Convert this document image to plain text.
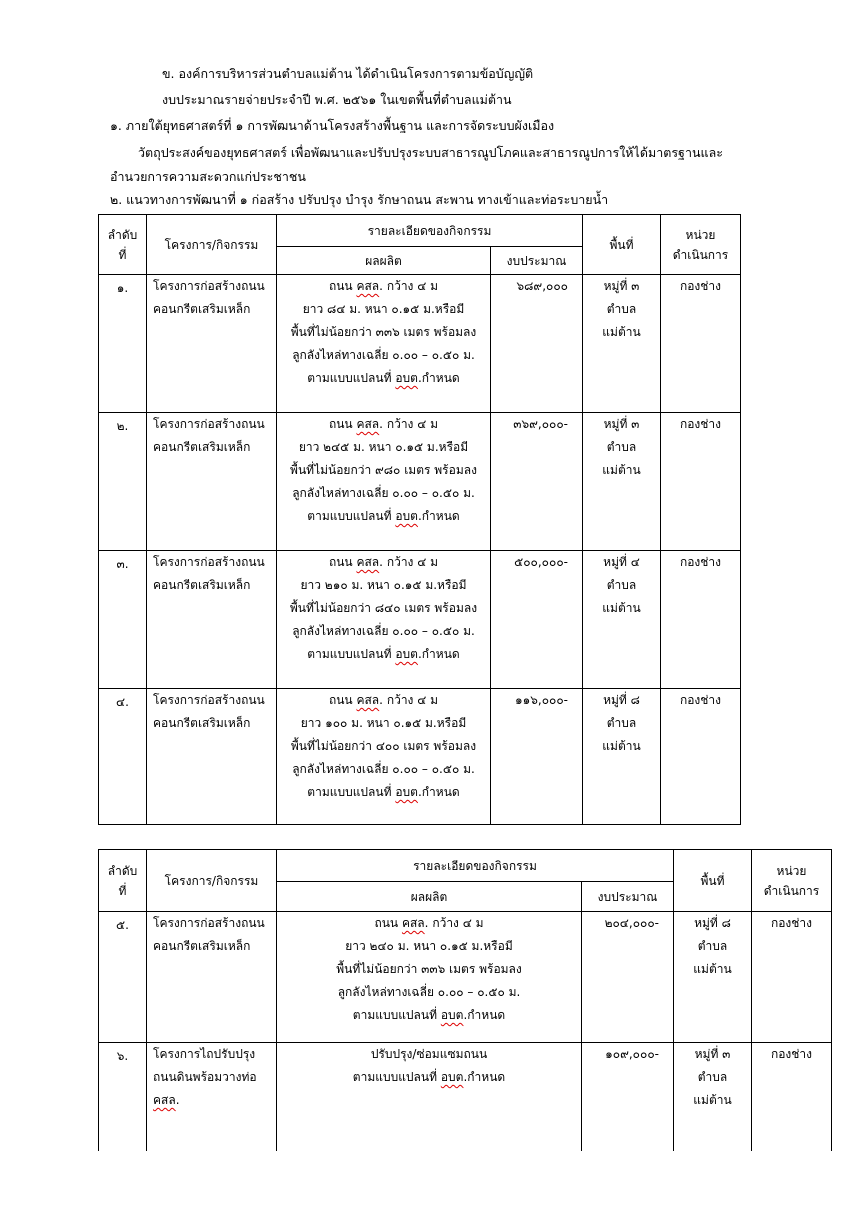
ข. องค์การบริหารส่วนตำบลแม่ต้าน ได้ดำเนินโครงการตามข้อบัญญัติ
งบประมาณรายจ่ายประจำปี พ.ศ. ๒๕๖๑ ในเขตพื้นที่ตำบลแม่ต้าน
๑. ภายใต้ยุทธศาสตร์ที่ ๑ การพัฒนาด้านโครงสร้างพื้นฐาน และการจัดระบบผังเมือง
วัตถุประสงค์ของยุทธศาสตร์ เพื่อพัฒนาและปรับปรุงระบบสาธารณูปโภคและสาธารณูปการให้ได้มาตรฐานและ
อำนวยการความสะดวกแก่ประชาชน
๒. แนวทางการพัฒนาที่ ๑ ก่อสร้าง ปรับปรุง บำรุง รักษาถนน สะพาน ทางเข้าและท่อระบายน้ำ
ลำดับ
ที่	โครงการ/กิจกรรม	รายละเอียดของกิจกรรม		พื้นที่	หน่วย
ดำเนินการ

		ผลผลิต	งบประมาณ		

๑.	โครงการก่อสร้างถนน
คอนกรีตเสริมเหล็ก	ถนน คสล. กว้าง ๔ ม
ยาว ๘๔ ม. หนา ๐.๑๕ ม.หรือมี
พื้นที่ไม่น้อยกว่า ๓๓๖ เมตร พร้อมลง
ลูกลังไหล่ทางเฉลี่ย ๐.๐๐ – ๐.๕๐ ม.
ตามแบบแปลนที่ อบต.กำหนด	๖๘๙,๐๐๐	หมู่ที่ ๓
ตำบล
แม่ต้าน	กองช่าง

๒.	โครงการก่อสร้างถนน
คอนกรีตเสริมเหล็ก	ถนน คสล. กว้าง ๔ ม
ยาว ๒๔๕ ม. หนา ๐.๑๕ ม.หรือมี
พื้นที่ไม่น้อยกว่า ๙๘๐ เมตร พร้อมลง
ลูกลังไหล่ทางเฉลี่ย ๐.๐๐ – ๐.๕๐ ม.
ตามแบบแปลนที่ อบต.กำหนด	๓๖๙,๐๐๐-	หมู่ที่ ๓
ตำบล
แม่ต้าน	กองช่าง

๓.	โครงการก่อสร้างถนน
คอนกรีตเสริมเหล็ก	ถนน คสล. กว้าง ๔ ม
ยาว ๒๑๐ ม. หนา ๐.๑๕ ม.หรือมี
พื้นที่ไม่น้อยกว่า ๘๔๐ เมตร พร้อมลง
ลูกลังไหล่ทางเฉลี่ย ๐.๐๐ – ๐.๕๐ ม.
ตามแบบแปลนที่ อบต.กำหนด	๕๐๐,๐๐๐-	หมู่ที่ ๔
ตำบล
แม่ต้าน	กองช่าง

๔.	โครงการก่อสร้างถนน
คอนกรีตเสริมเหล็ก	ถนน คสล. กว้าง ๔ ม
ยาว ๑๐๐ ม. หนา ๐.๑๕ ม.หรือมี
พื้นที่ไม่น้อยกว่า ๔๐๐ เมตร พร้อมลง
ลูกลังไหล่ทางเฉลี่ย ๐.๐๐ – ๐.๕๐ ม.
ตามแบบแปลนที่ อบต.กำหนด	๑๑๖,๐๐๐-	หมู่ที่ ๘
ตำบล
แม่ต้าน	กองช่าง
ลำดับ
ที่	โครงการ/กิจกรรม	รายละเอียดของกิจกรรม		พื้นที่	หน่วย
ดำเนินการ

		ผลผลิต	งบประมาณ		

๕.	โครงการก่อสร้างถนน
คอนกรีตเสริมเหล็ก	ถนน คสล. กว้าง ๔ ม
ยาว ๒๔๐ ม. หนา ๐.๑๕ ม.หรือมี
พื้นที่ไม่น้อยกว่า ๓๓๖ เมตร พร้อมลง
ลูกลังไหล่ทางเฉลี่ย ๐.๐๐ – ๐.๕๐ ม.
ตามแบบแปลนที่ อบต.กำหนด	๒๐๔,๐๐๐-	หมู่ที่ ๘
ตำบล
แม่ต้าน	กองช่าง

๖.	โครงการไถปรับปรุง
ถนนดินพร้อมวางท่อ
คสล.	ปรับปรุง/ซ่อมแซมถนน
ตามแบบแปลนที่ อบต.กำหนด	๑๐๙,๐๐๐-	หมู่ที่ ๓
ตำบล
แม่ต้าน	กองช่าง
